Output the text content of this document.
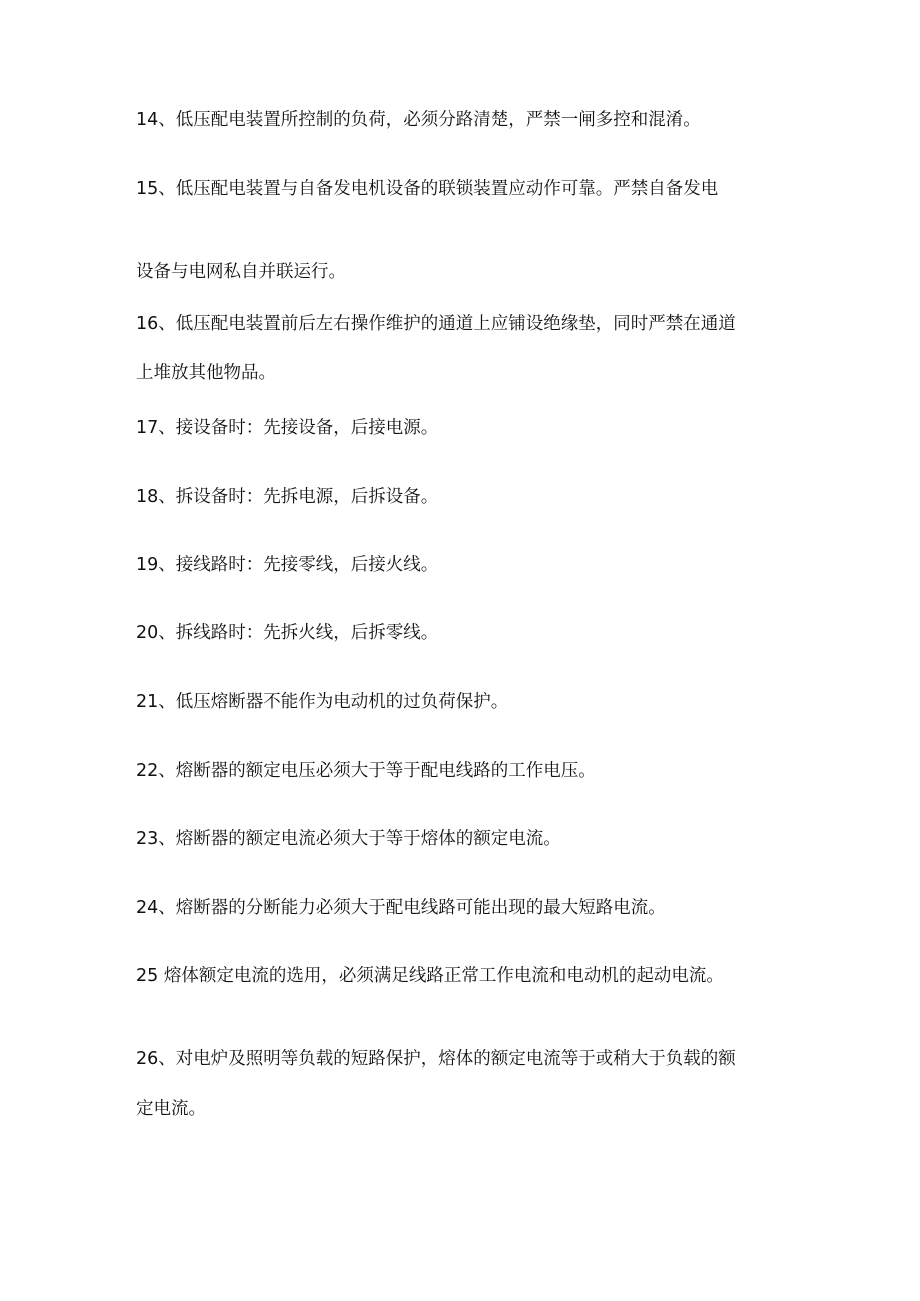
14、低压配电装置所控制的负荷，必须分路清楚，严禁一闸多控和混淆。

15、低压配电装置与自备发电机设备的联锁装置应动作可靠。严禁自备发电

设备与电网私自并联运行。

16、低压配电装置前后左右操作维护的通道上应铺设绝缘垫，同时严禁在通道

上堆放其他物品。

17、接设备时：先接设备，后接电源。

18、拆设备时：先拆电源，后拆设备。

19、接线路时：先接零线，后接火线。

20、拆线路时：先拆火线，后拆零线。

21、低压熔断器不能作为电动机的过负荷保护。

22、熔断器的额定电压必须大于等于配电线路的工作电压。

23、熔断器的额定电流必须大于等于熔体的额定电流。

24、熔断器的分断能力必须大于配电线路可能出现的最大短路电流。

25 熔体额定电流的选用，必须满足线路正常工作电流和电动机的起动电流。

26、对电炉及照明等负载的短路保护，熔体的额定电流等于或稍大于负载的额

定电流。
